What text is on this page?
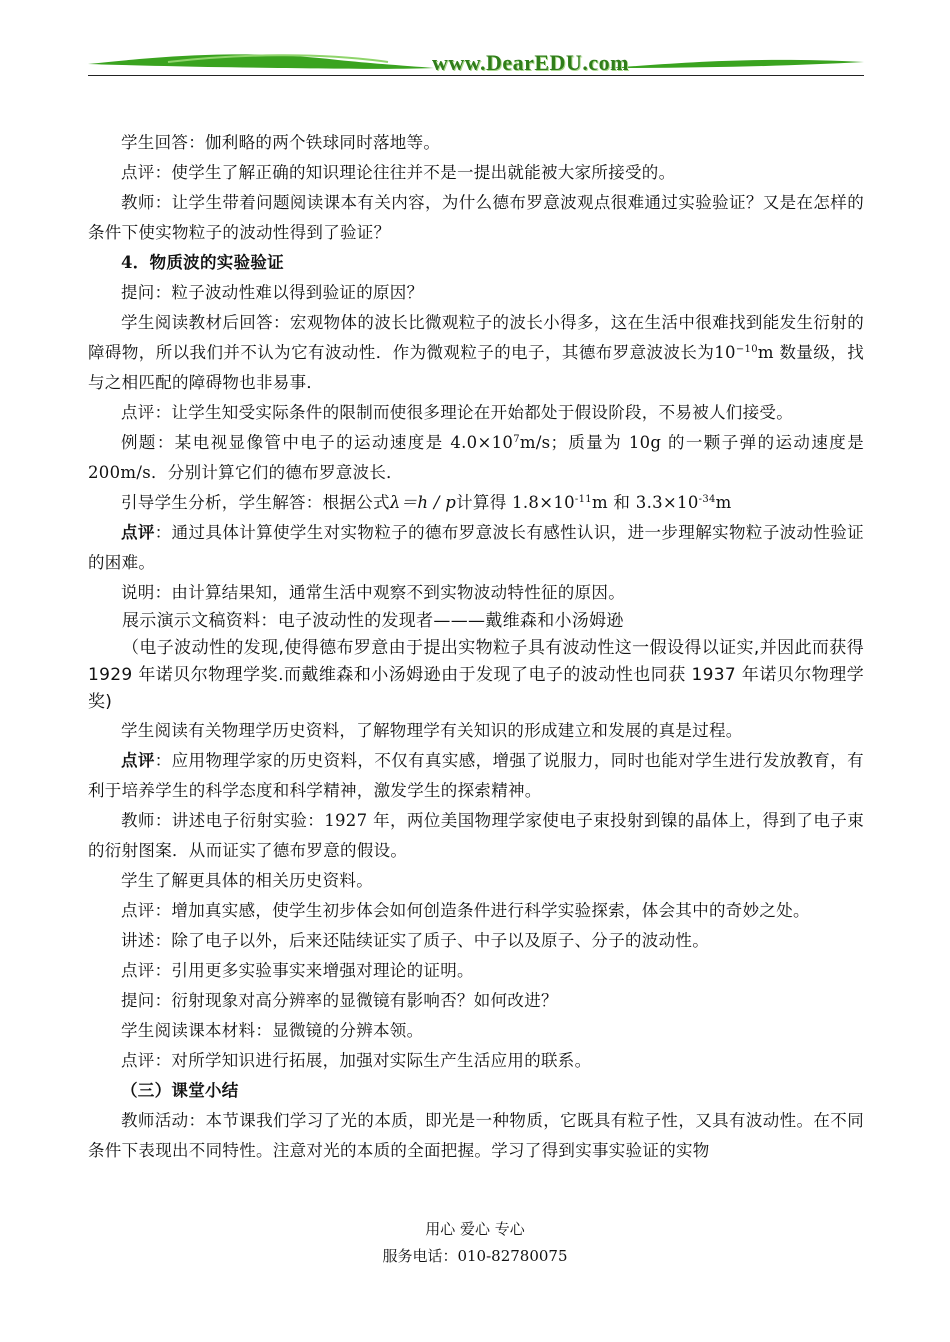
www.DearEDU.com

学生回答：伽利略的两个铁球同时落地等。

点评：使学生了解正确的知识理论往往并不是一提出就能被大家所接受的。

教师：让学生带着问题阅读课本有关内容，为什么德布罗意波观点很难通过实验验证？又是在怎样的条件下使实物粒子的波动性得到了验证？

4．物质波的实验验证

提问：粒子波动性难以得到验证的原因？

学生阅读教材后回答：宏观物体的波长比微观粒子的波长小得多，这在生活中很难找到能发生衍射的障碍物，所以我们并不认为它有波动性．作为微观粒子的电子，其德布罗意波波长为$10^{-10}m$ 数量级，找与之相匹配的障碍物也非易事．

点评：让学生知受实际条件的限制而使很多理论在开始都处于假设阶段，不易被人们接受。

例题：某电视显像管中电子的运动速度是 $4.0\times 10^7m/s$；质量为 10g 的一颗子弹的运动速度是 200m/s．分别计算它们的德布罗意波长．

引导学生分析，学生解答：根据公式λ＝h / p计算得 $1.8\times 10^{-11}m$ 和 $3.3\times 10^{-34}m$

点评：通过具体计算使学生对实物粒子的德布罗意波长有感性认识，进一步理解实物粒子波动性验证的困难。

说明：由计算结果知，通常生活中观察不到实物波动特性征的原因。

展示演示文稿资料：电子波动性的发现者———戴维森和小汤姆逊

（电子波动性的发现,使得德布罗意由于提出实物粒子具有波动性这一假设得以证实,并因此而获得 1929 年诺贝尔物理学奖.而戴维森和小汤姆逊由于发现了电子的波动性也同获 1937 年诺贝尔物理学奖)

学生阅读有关物理学历史资料，了解物理学有关知识的形成建立和发展的真是过程。

点评：应用物理学家的历史资料，不仅有真实感，增强了说服力，同时也能对学生进行发放教育，有利于培养学生的科学态度和科学精神，激发学生的探索精神。

教师：讲述电子衍射实验：1927 年，两位美国物理学家使电子束投射到镍的晶体上，得到了电子束的衍射图案．从而证实了德布罗意的假设。

学生了解更具体的相关历史资料。

点评：增加真实感，使学生初步体会如何创造条件进行科学实验探索，体会其中的奇妙之处。

讲述：除了电子以外，后来还陆续证实了质子、中子以及原子、分子的波动性。

点评：引用更多实验事实来增强对理论的证明。

提问：衍射现象对高分辨率的显微镜有影响否？如何改进？

学生阅读课本材料：显微镜的分辨本领。

点评：对所学知识进行拓展，加强对实际生产生活应用的联系。

（三）课堂小结

教师活动：本节课我们学习了光的本质，即光是一种物质，它既具有粒子性，又具有波动性。在不同条件下表现出不同特性。注意对光的本质的全面把握。学习了得到实事实验证的实物

用心 爱心 专心
服务电话：010-82780075
